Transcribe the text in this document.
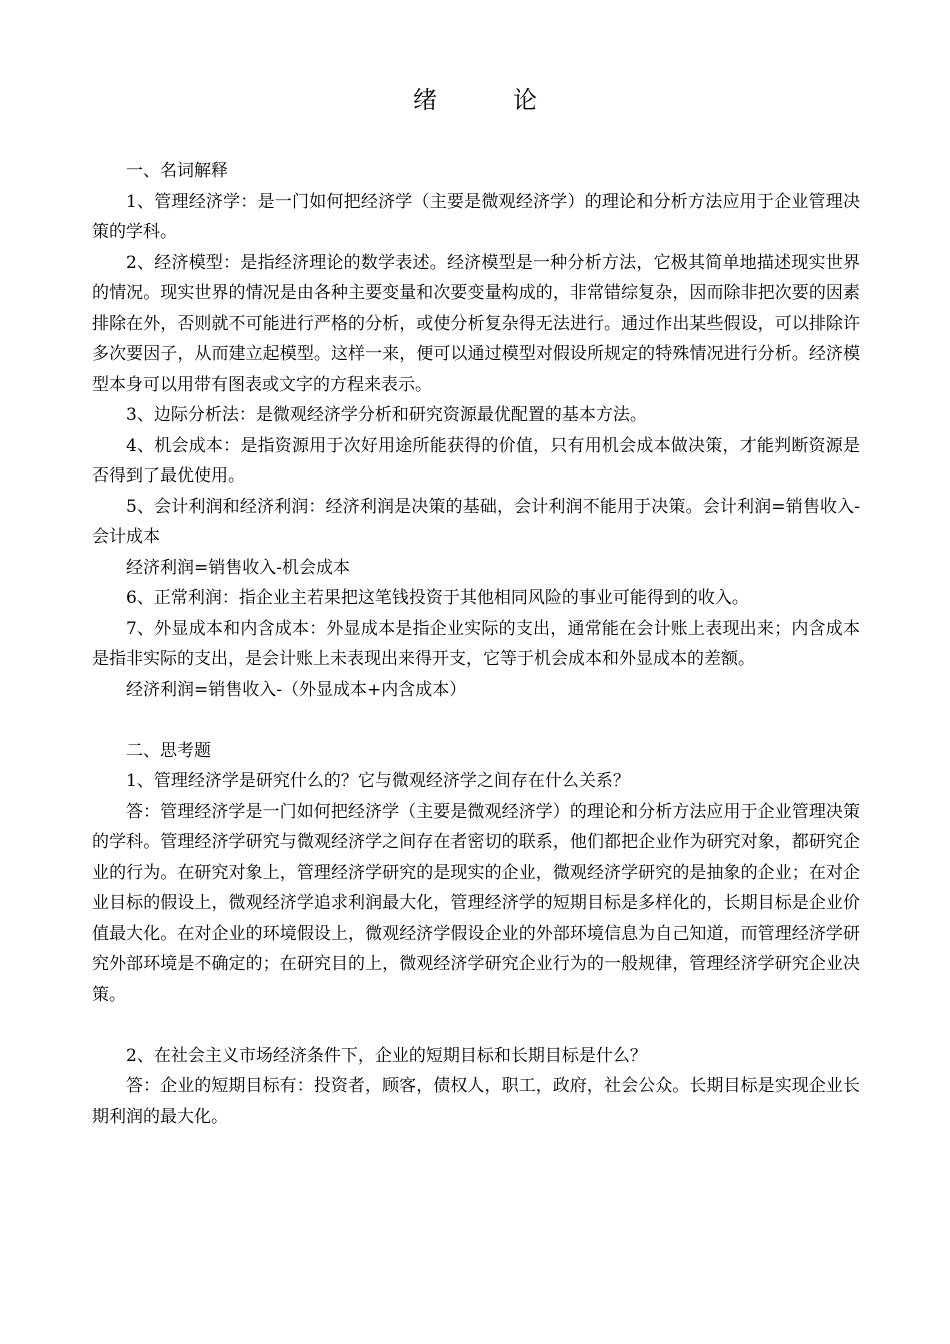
绪	论

一、名词解释

1、管理经济学：是一门如何把经济学（主要是微观经济学）的理论和分析方法应用于企业管理决策的学科。

2、经济模型：是指经济理论的数学表述。经济模型是一种分析方法，它极其简单地描述现实世界的情况。现实世界的情况是由各种主要变量和次要变量构成的，非常错综复杂，因而除非把次要的因素排除在外，否则就不可能进行严格的分析，或使分析复杂得无法进行。通过作出某些假设，可以排除许多次要因子，从而建立起模型。这样一来，便可以通过模型对假设所规定的特殊情况进行分析。经济模型本身可以用带有图表或文字的方程来表示。

3、边际分析法：是微观经济学分析和研究资源最优配置的基本方法。

4、机会成本：是指资源用于次好用途所能获得的价值，只有用机会成本做决策，才能判断资源是否得到了最优使用。

5、会计利润和经济利润：经济利润是决策的基础，会计利润不能用于决策。会计利润=销售收入-会计成本

经济利润=销售收入-机会成本

6、正常利润：指企业主若果把这笔钱投资于其他相同风险的事业可能得到的收入。

7、外显成本和内含成本：外显成本是指企业实际的支出，通常能在会计账上表现出来；内含成本是指非实际的支出，是会计账上未表现出来得开支，它等于机会成本和外显成本的差额。

经济利润=销售收入-（外显成本+内含成本）

二、思考题

1、管理经济学是研究什么的？它与微观经济学之间存在什么关系？

答：管理经济学是一门如何把经济学（主要是微观经济学）的理论和分析方法应用于企业管理决策的学科。管理经济学研究与微观经济学之间存在者密切的联系，他们都把企业作为研究对象，都研究企业的行为。在研究对象上，管理经济学研究的是现实的企业，微观经济学研究的是抽象的企业；在对企业目标的假设上，微观经济学追求利润最大化，管理经济学的短期目标是多样化的，长期目标是企业价值最大化。在对企业的环境假设上，微观经济学假设企业的外部环境信息为自己知道，而管理经济学研究外部环境是不确定的；在研究目的上，微观经济学研究企业行为的一般规律，管理经济学研究企业决策。

2、在社会主义市场经济条件下，企业的短期目标和长期目标是什么？

答：企业的短期目标有：投资者，顾客，债权人，职工，政府，社会公众。长期目标是实现企业长期利润的最大化。
